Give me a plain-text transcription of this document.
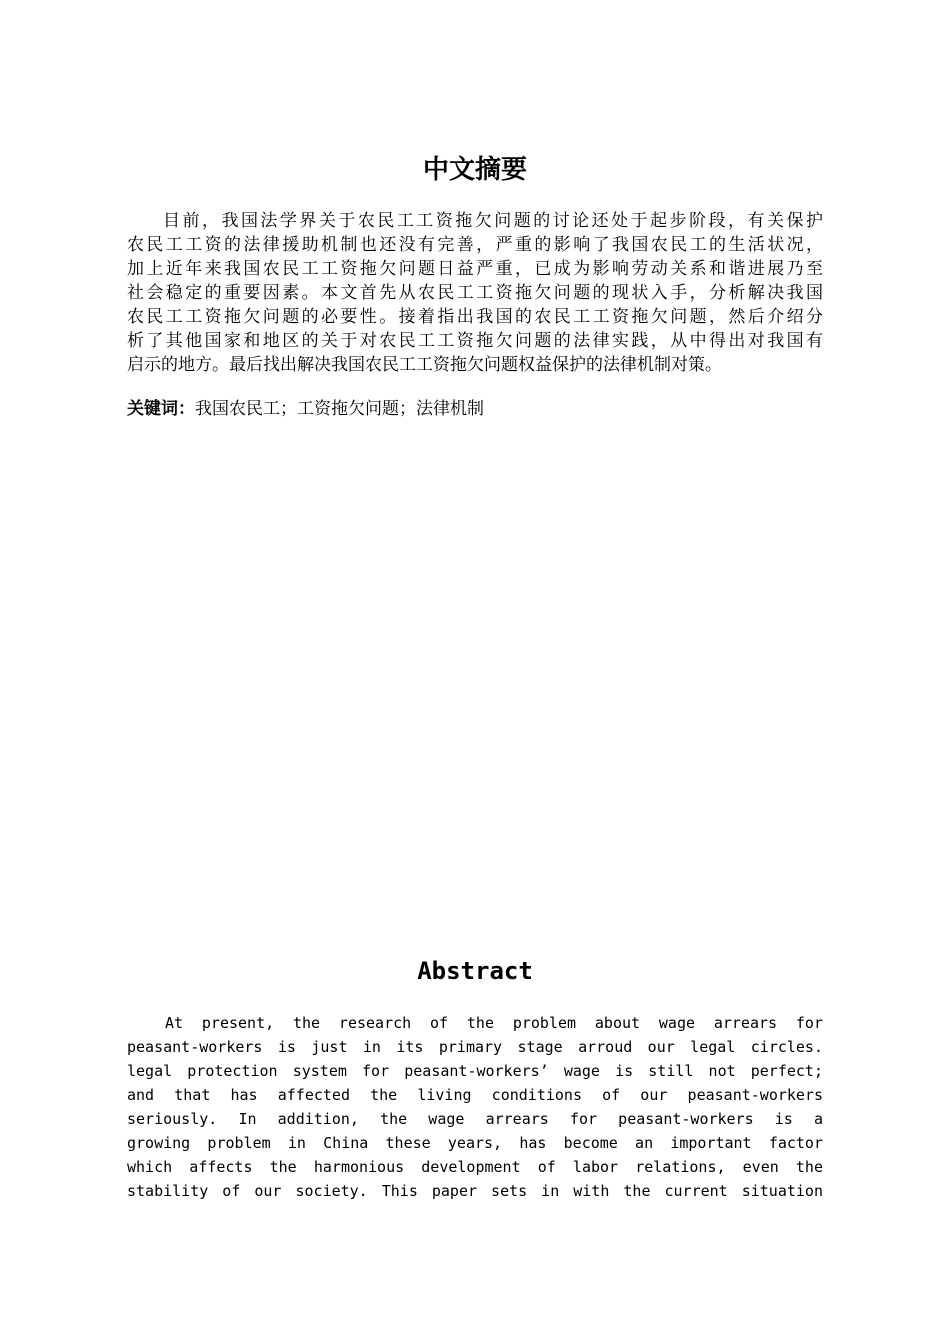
中文摘要
目前，我国法学界关于农民工工资拖欠问题的讨论还处于起步阶段，有关保护
农民工工资的法律援助机制也还没有完善，严重的影响了我国农民工的生活状况，
加上近年来我国农民工工资拖欠问题日益严重，已成为影响劳动关系和谐进展乃至
社会稳定的重要因素。本文首先从农民工工资拖欠问题的现状入手，分析解决我国
农民工工资拖欠问题的必要性。接着指出我国的农民工工资拖欠问题，然后介绍分
析了其他国家和地区的关于对农民工工资拖欠问题的法律实践，从中得出对我国有
启示的地方。最后找出解决我国农民工工资拖欠问题权益保护的法律机制对策。

关键词：我国农民工；工资拖欠问题；法律机制

Abstract
At present, the research of the problem about wage arrears for
peasant-workers is just in its primary stage arroud our legal circles.
legal protection system for peasant-workers’ wage is still not perfect;
and that has affected the living conditions of our peasant-workers
seriously. In addition, the wage arrears for peasant-workers is a
growing problem in China these years, has become an important factor
which affects the harmonious development of labor relations, even the
stability of our society. This paper sets in with the current situation
